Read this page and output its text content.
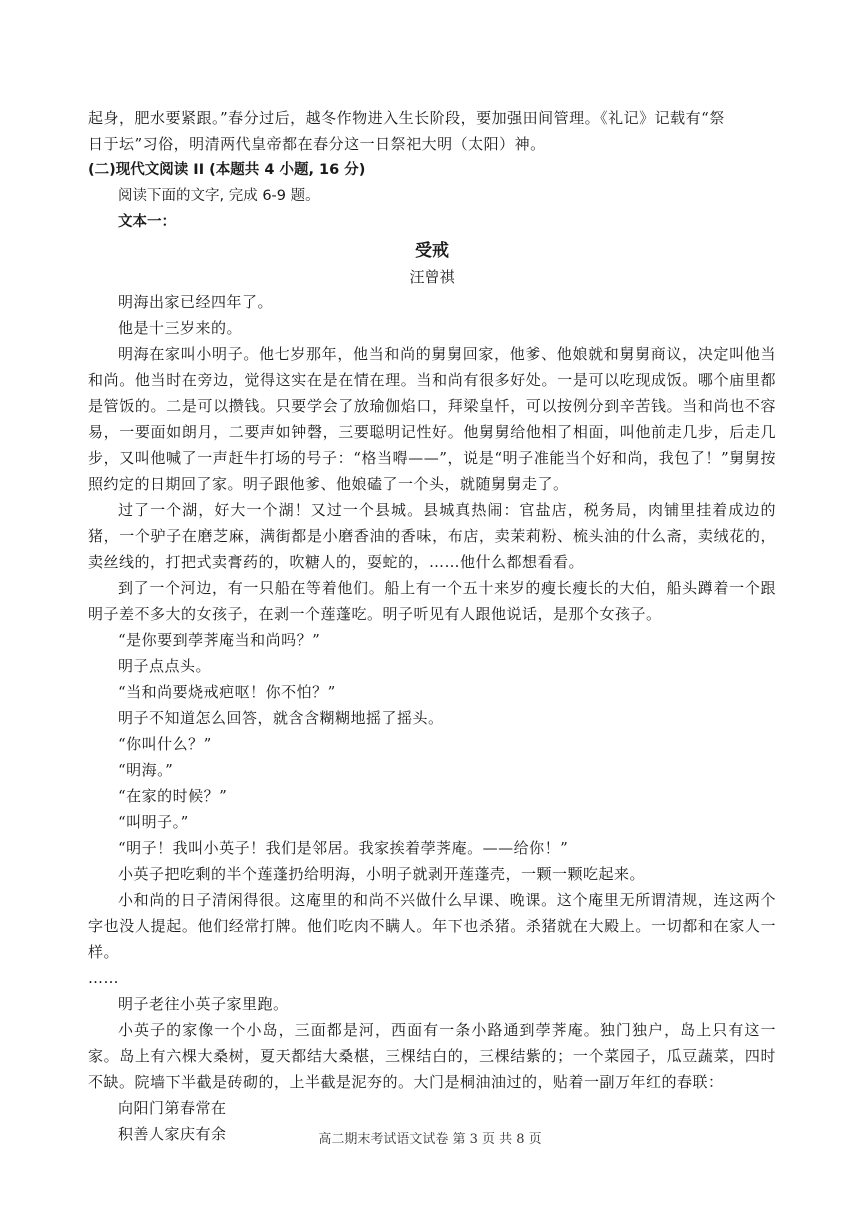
起身，肥水要紧跟。”春分过后，越冬作物进入生长阶段，要加强田间管理。《礼记》记载有“祭

日于坛”习俗，明清两代皇帝都在春分这一日祭祀大明（太阳）神。

(二)现代文阅读 II (本题共 4 小题, 16 分)

阅读下面的文字, 完成 6-9 题。

文本一：

受戒

汪曾祺

明海出家已经四年了。

他是十三岁来的。

明海在家叫小明子。他七岁那年，他当和尚的舅舅回家，他爹、他娘就和舅舅商议，决定叫他当和尚。他当时在旁边，觉得这实在是在情在理。当和尚有很多好处。一是可以吃现成饭。哪个庙里都是管饭的。二是可以攒钱。只要学会了放瑜伽焰口，拜梁皇忏，可以按例分到辛苦钱。当和尚也不容易，一要面如朗月，二要声如钟磬，三要聪明记性好。他舅舅给他相了相面，叫他前走几步，后走几步，又叫他喊了一声赶牛打场的号子：“格当嘚——”，说是“明子准能当个好和尚，我包了！”舅舅按照约定的日期回了家。明子跟他爹、他娘磕了一个头，就随舅舅走了。

过了一个湖，好大一个湖！又过一个县城。县城真热闹：官盐店，税务局，肉铺里挂着成边的猪，一个驴子在磨芝麻，满街都是小磨香油的香味，布店，卖茉莉粉、梳头油的什么斋，卖绒花的，卖丝线的，打把式卖膏药的，吹糖人的，耍蛇的，……他什么都想看看。

到了一个河边，有一只船在等着他们。船上有一个五十来岁的瘦长瘦长的大伯，船头蹲着一个跟明子差不多大的女孩子，在剥一个莲蓬吃。明子听见有人跟他说话，是那个女孩子。

“是你要到荸荠庵当和尚吗？”

明子点点头。

“当和尚要烧戒疤呕！你不怕？”

明子不知道怎么回答，就含含糊糊地摇了摇头。

“你叫什么？”

“明海。”

“在家的时候？”

“叫明子。”

“明子！我叫小英子！我们是邻居。我家挨着荸荠庵。——给你！”

小英子把吃剩的半个莲蓬扔给明海，小明子就剥开莲蓬壳，一颗一颗吃起来。

小和尚的日子清闲得很。这庵里的和尚不兴做什么早课、晚课。这个庵里无所谓清规，连这两个字也没人提起。他们经常打牌。他们吃肉不瞒人。年下也杀猪。杀猪就在大殿上。一切都和在家人一样。

……

明子老往小英子家里跑。

小英子的家像一个小岛，三面都是河，西面有一条小路通到荸荠庵。独门独户，岛上只有这一家。岛上有六棵大桑树，夏天都结大桑椹，三棵结白的，三棵结紫的；一个菜园子，瓜豆蔬菜，四时不缺。院墙下半截是砖砌的，上半截是泥夯的。大门是桐油油过的，贴着一副万年红的春联：

向阳门第春常在

积善人家庆有余	高二期末考试语文试卷 第 3 页 共 8 页
